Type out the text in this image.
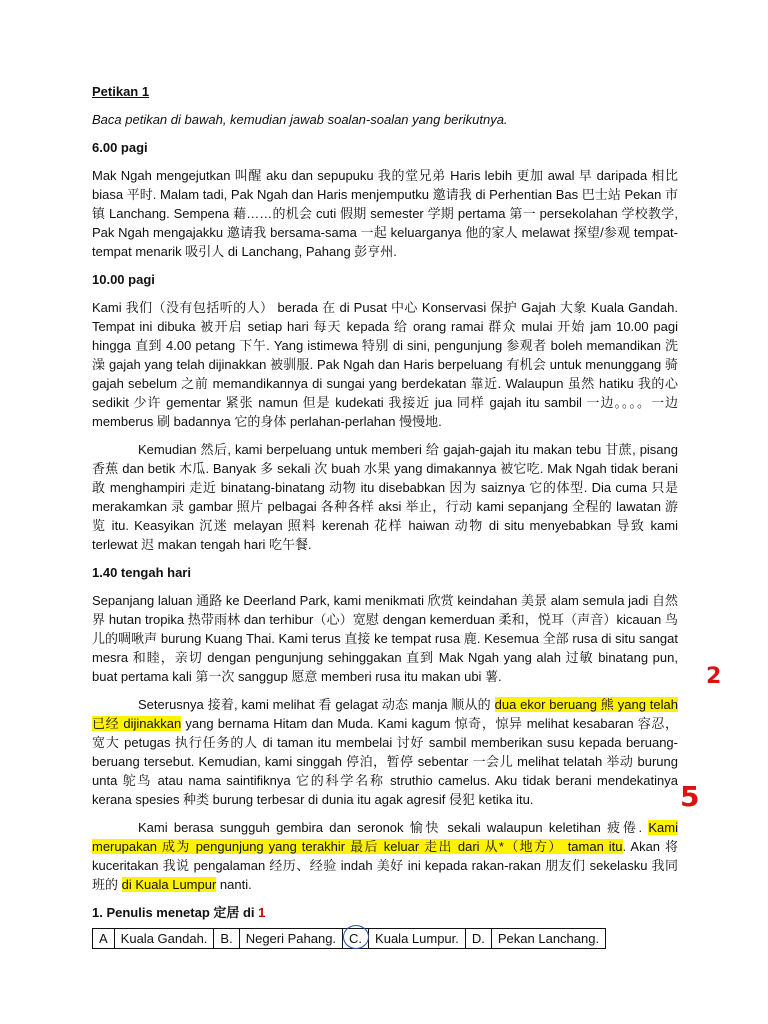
Petikan 1

Baca petikan di bawah, kemudian jawab soalan-soalan yang berikutnya.

6.00 pagi

Mak Ngah mengejutkan 叫醒 aku dan sepupuku 我的堂兄弟 Haris lebih 更加 awal 早 daripada 相比 biasa 平时. Malam tadi, Pak Ngah dan Haris menjemputku 邀请我 di Perhentian Bas 巴士站 Pekan 市镇 Lanchang. Sempena 藉……的机会 cuti 假期 semester 学期 pertama 第一 persekolahan 学校教学, Pak Ngah mengajakku 邀请我 bersama-sama 一起 keluarganya 他的家人 melawat 探望/参观 tempat-tempat menarik 吸引人 di Lanchang, Pahang 彭亨州.

10.00 pagi

Kami 我们（没有包括听的人） berada 在 di Pusat 中心 Konservasi 保护 Gajah 大象 Kuala Gandah. Tempat ini dibuka 被开启 setiap hari 每天 kepada 给 orang ramai 群众 mulai 开始 jam 10.00 pagi hingga 直到 4.00 petang 下午. Yang istimewa 特别 di sini, pengunjung 参观者 boleh memandikan 洗澡 gajah yang telah dijinakkan 被驯服. Pak Ngah dan Haris berpeluang 有机会 untuk menunggang 骑 gajah sebelum 之前 memandikannya di sungai yang berdekatan 靠近. Walaupun 虽然 hatiku 我的心 sedikit 少许 gementar 紧张 namun 但是 kudekati 我接近 jua 同样 gajah itu sambil 一边。。。。一边 memberus 刷 badannya 它的身体 perlahan-perlahan 慢慢地.

Kemudian 然后, kami berpeluang untuk memberi 给 gajah-gajah itu makan tebu 甘蔗, pisang 香蕉 dan betik 木瓜. Banyak 多 sekali 次 buah 水果 yang dimakannya 被它吃. Mak Ngah tidak berani 敢 menghampiri 走近 binatang-binatang 动物 itu disebabkan 因为 saiznya 它的体型. Dia cuma 只是 merakamkan 录 gambar 照片 pelbagai 各种各样 aksi 举止，行动 kami sepanjang 全程的 lawatan 游览 itu. Keasyikan 沉迷 melayan 照料 kerenah 花样 haiwan 动物 di situ menyebabkan 导致 kami terlewat 迟 makan tengah hari 吃午餐.

1.40 tengah hari

Sepanjang laluan 通路 ke Deerland Park, kami menikmati 欣赏 keindahan 美景 alam semula jadi 自然界 hutan tropika 热带雨林 dan terhibur（心）宽慰 dengan kemerduan 柔和，悦耳（声音）kicauan 鸟儿的啁啾声 burung Kuang Thai. Kami terus 直接 ke tempat rusa 鹿. Kesemua 全部 rusa di situ sangat mesra 和睦，亲切 dengan pengunjung sehinggakan 直到 Mak Ngah yang alah 过敏 binatang pun, buat pertama kali 第一次 sanggup 愿意 memberi rusa itu makan ubi 薯.

Seterusnya 接着, kami melihat 看 gelagat 动态 manja 顺从的 dua ekor beruang 熊 yang telah 已经 dijinakkan yang bernama Hitam dan Muda. Kami kagum 惊奇，惊异 melihat kesabaran 容忍，宽大 petugas 执行任务的人 di taman itu membelai 讨好 sambil memberikan susu kepada beruang-beruang tersebut. Kemudian, kami singgah 停泊，暂停 sebentar 一会儿 melihat telatah 举动 burung unta 鸵鸟 atau nama saintifiknya 它的科学名称 struthio camelus. Aku tidak berani mendekatinya kerana spesies 种类 burung terbesar di dunia itu agak agresif 侵犯 ketika itu.

Kami berasa sungguh gembira dan seronok 愉快 sekali walaupun keletihan 疲倦. Kami merupakan 成为 pengunjung yang terakhir 最后 keluar 走出 dari 从*（地方） taman itu. Akan 将 kuceritakan 我说 pengalaman 经历、经验 indah 美好 ini kepada rakan-rakan 朋友们 sekelasku 我同班的 di Kuala Lumpur nanti.

1. Penulis menetap 定居 di 1

A	Kuala Gandah.	B.	Negeri Pahang.	C.	Kuala Lumpur.	D.	Pekan Lanchang.
2
5
